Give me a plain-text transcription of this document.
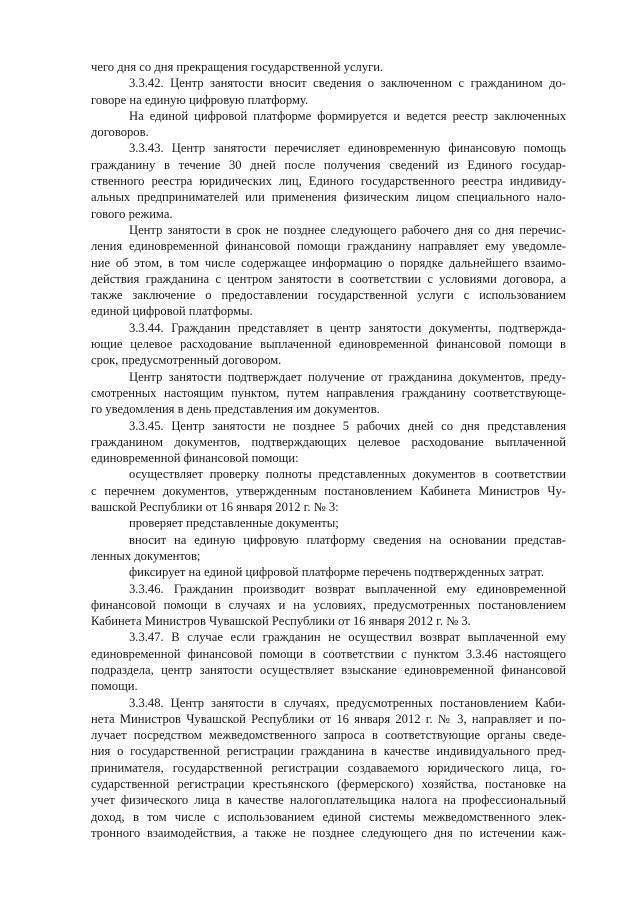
чего дня со дня прекращения государственной услуги.
3.3.42. Центр занятости вносит сведения о заключенном с гражданином до-
говоре на единую цифровую платформу.
На единой цифровой платформе формируется и ведется реестр заключенных
договоров.
3.3.43. Центр занятости перечисляет единовременную финансовую помощь
гражданину в течение 30 дней после получения сведений из Единого государ-
ственного реестра юридических лиц, Единого государственного реестра индивиду-
альных предпринимателей или применения физическим лицом специального нало-
гового режима.
Центр занятости в срок не позднее следующего рабочего дня со дня перечис-
ления единовременной финансовой помощи гражданину направляет ему уведомле-
ние об этом, в том числе содержащее информацию о порядке дальнейшего взаимо-
действия гражданина с центром занятости в соответствии с условиями договора, а
также заключение о предоставлении государственной услуги с использованием
единой цифровой платформы.
3.3.44. Гражданин представляет в центр занятости документы, подтвержда-
ющие целевое расходование выплаченной единовременной финансовой помощи в
срок, предусмотренный договором.
Центр занятости подтверждает получение от гражданина документов, преду-
смотренных настоящим пунктом, путем направления гражданину соответствующе-
го уведомления в день представления им документов.
3.3.45. Центр занятости не позднее 5 рабочих дней со дня представления
гражданином документов, подтверждающих целевое расходование выплаченной
единовременной финансовой помощи:
осуществляет проверку полноты представленных документов в соответствии
с перечнем документов, утвержденным постановлением Кабинета Министров Чу-
вашской Республики от 16 января 2012 г. № 3:
проверяет представленные документы;
вносит на единую цифровую платформу сведения на основании представ-
ленных документов;
фиксирует на единой цифровой платформе перечень подтвержденных затрат.
3.3.46. Гражданин производит возврат выплаченной ему единовременной
финансовой помощи в случаях и на условиях, предусмотренных постановлением
Кабинета Министров Чувашской Республики от 16 января 2012 г. № 3.
3.3.47. В случае если гражданин не осуществил возврат выплаченной ему
единовременной финансовой помощи в соответствии с пунктом 3.3.46 настоящего
подраздела, центр занятости осуществляет взыскание единовременной финансовой
помощи.
3.3.48. Центр занятости в случаях, предусмотренных постановлением Каби-
нета Министров Чувашской Республики от 16 января 2012 г. № 3, направляет и по-
лучает посредством межведомственного запроса в соответствующие органы сведе-
ния о государственной регистрации гражданина в качестве индивидуального пред-
принимателя, государственной регистрации создаваемого юридического лица, го-
сударственной регистрации крестьянского (фермерского) хозяйства, постановке на
учет физического лица в качестве налогоплательщика налога на профессиональный
доход, в том числе с использованием единой системы межведомственного элек-
тронного взаимодействия, а также не позднее следующего дня по истечении каж-
